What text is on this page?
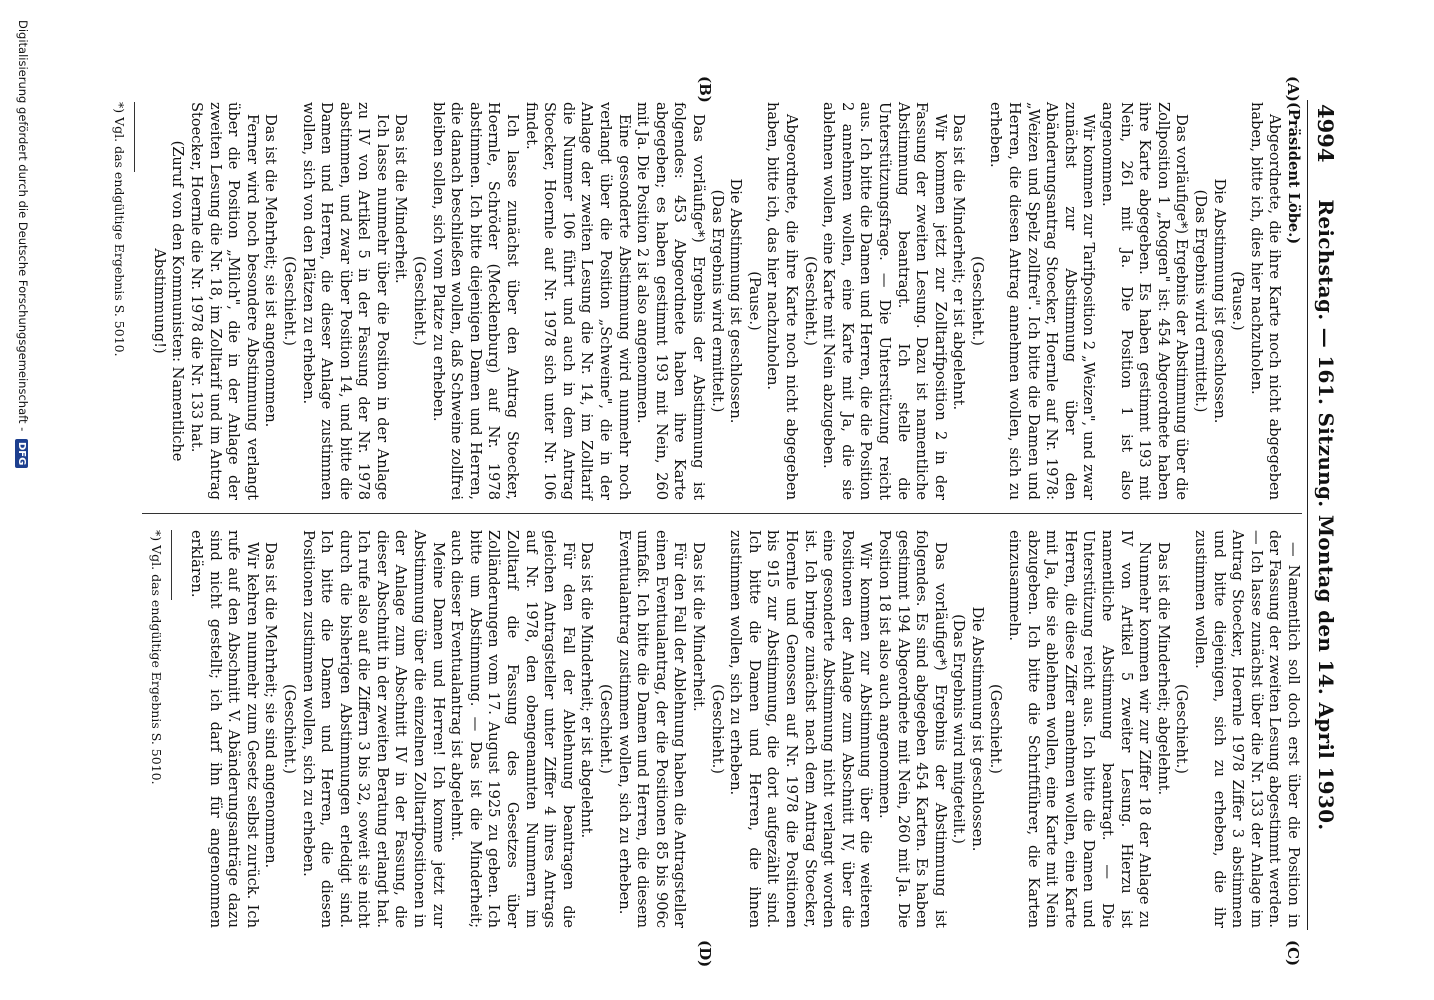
4994
Reichstag. — 161. Sitzung. Montag den 14. April 1930.
(A)
(B)
(C)
(D)

(Präsident Löbe.)

Abgeordnete, die ihre Karte noch nicht abgegeben haben, bitte ich, dies hier nachzuholen.

(Pause.)

Die Abstimmung ist geschlossen.

(Das Ergebnis wird ermittelt.)

Das vorläufige*) Ergebnis der Abstimmung über die Zollposition 1 „Roggen" ist: 454 Abgeordnete haben ihre Karte abgegeben. Es haben gestimmt 193 mit Nein, 261 mit Ja. Die Position 1 ist also angenommen.

Wir kommen zur Tarifposition 2 „Weizen", und zwar zunächst zur Abstimmung über den Abänderungsantrag Stoecker, Hoernle auf Nr. 1978: „Weizen und Spelz zollfrei". Ich bitte die Damen und Herren, die diesen Antrag annehmen wollen, sich zu erheben.

(Geschieht.)

Das ist die Minderheit; er ist abgelehnt.

Wir kommen jetzt zur Zolltarifposition 2 in der Fassung der zweiten Lesung. Dazu ist namentliche Abstimmung beantragt. Ich stelle die Unterstützungsfrage. — Die Unterstützung reicht aus. Ich bitte die Damen und Herren, die die Position 2 annehmen wollen, eine Karte mit Ja, die sie ablehnen wollen, eine Karte mit Nein abzugeben.

(Geschieht.)

Abgeordnete, die ihre Karte noch nicht abgegeben haben, bitte ich, das hier nachzuholen.

(Pause.)

Die Abstimmung ist geschlossen.

(Das Ergebnis wird ermittelt.)

Das vorläufige*) Ergebnis der Abstimmung ist folgendes: 453 Abgeordnete haben ihre Karte abgegeben; es haben gestimmt 193 mit Nein, 260 mit Ja. Die Position 2 ist also angenommen.

Eine gesonderte Abstimmung wird nunmehr noch verlangt über die Position „Schweine", die in der Anlage der zweiten Lesung die Nr. 14, im Zolltarif die Nummer 106 führt und auch in dem Antrag Stoecker, Hoernle auf Nr. 1978 sich unter Nr. 106 findet.

Ich lasse zunächst über den Antrag Stoecker, Hoernle, Schröder (Mecklenburg) auf Nr. 1978 abstimmen. Ich bitte diejenigen Damen und Herren, die danach beschließen wollen, daß Schweine zollfrei bleiben sollen, sich vom Platze zu erheben.

(Geschieht.)

Das ist die Minderheit.

Ich lasse nunmehr über die Position in der Anlage zu IV von Artikel 5 in der Fassung der Nr. 1978 abstimmen, und zwar über Position 14, und bitte die Damen und Herren, die dieser Anlage zustimmen wollen, sich von den Plätzen zu erheben.

(Geschieht.)

Das ist die Mehrheit; sie ist angenommen.

Ferner wird noch besondere Abstimmung verlangt über die Position „Milch", die in der Anlage der zweiten Lesung die Nr. 18, im Zolltarif und im Antrag Stoecker, Hoernle die Nr. 1978 die Nr. 133 hat.

(Zuruf von den Kommunisten: Namentliche Abstimmung!)

*) Vgl. das endgültige Ergebnis S. 5010.

— Namentlich soll doch erst über die Position in der Fassung der zweiten Lesung abgestimmt werden. — Ich lasse zunächst über die Nr. 133 der Anlage im Antrag Stoecker, Hoernle 1978 Ziffer 3 abstimmen und bitte diejenigen, sich zu erheben, die ihr zustimmen wollen.

(Geschieht.)

Das ist die Minderheit; abgelehnt.

Nunmehr kommen wir zur Ziffer 18 der Anlage zu IV von Artikel 5 zweiter Lesung. Hierzu ist namentliche Abstimmung beantragt. — Die Unterstützung reicht aus. Ich bitte die Damen und Herren, die diese Ziffer annehmen wollen, eine Karte mit Ja, die sie ablehnen wollen, eine Karte mit Nein abzugeben. Ich bitte die Schriftführer, die Karten einzusammeln.

(Geschieht.)

Die Abstimmung ist geschlossen.

(Das Ergebnis wird mitgeteilt.)

Das vorläufige*) Ergebnis der Abstimmung ist folgendes. Es sind abgegeben 454 Karten. Es haben gestimmt 194 Abgeordnete mit Nein, 260 mit Ja. Die Position 18 ist also auch angenommen.

Wir kommen zur Abstimmung über die weiteren Positionen der Anlage zum Abschnitt IV, über die eine gesonderte Abstimmung nicht verlangt worden ist. Ich bringe zunächst nach dem Antrag Stoecker, Hoernle und Genossen auf Nr. 1978 die Positionen bis 915 zur Abstimmung, die dort aufgezählt sind. Ich bitte die Damen und Herren, die ihnen zustimmen wollen, sich zu erheben.

(Geschieht.)

Das ist die Minderheit.

Für den Fall der Ablehnung haben die Antragsteller einen Eventualantrag, der die Positionen 85 bis 906c umfaßt. Ich bitte die Damen und Herren, die diesem Eventualantrag zustimmen wollen, sich zu erheben.

(Geschieht.)

Das ist die Minderheit; er ist abgelehnt.

Für den Fall der Ablehnung beantragen die gleichen Antragsteller unter Ziffer 4 ihres Antrags auf Nr. 1978, den obengenannten Nummern im Zolltarif die Fassung des Gesetzes über Zolländerungen vom 17. August 1925 zu geben. Ich bitte um Abstimmung. — Das ist die Minderheit; auch dieser Eventualantrag ist abgelehnt.

Meine Damen und Herren! Ich komme jetzt zur Abstimmung über die einzelnen Zolltarifpositionen in der Anlage zum Abschnitt IV in der Fassung, die dieser Abschnitt in der zweiten Beratung erlangt hat. Ich rufe also auf die Ziffern 3 bis 32, soweit sie nicht durch die bisherigen Abstimmungen erledigt sind. Ich bitte die Damen und Herren, die diesen Positionen zustimmen wollen, sich zu erheben.

(Geschieht.)

Das ist die Mehrheit; sie sind angenommen.

Wir kehren nunmehr zum Gesetz selbst zurück. Ich rufe auf den Abschnitt V. Abänderungsanträge dazu sind nicht gestellt; ich darf ihn für angenommen erklären.

*) Vgl. das endgültige Ergebnis S. 5010.
Digitalisierung gefördert durch die Deutsche Forschungsgemeinschaft - DFG
